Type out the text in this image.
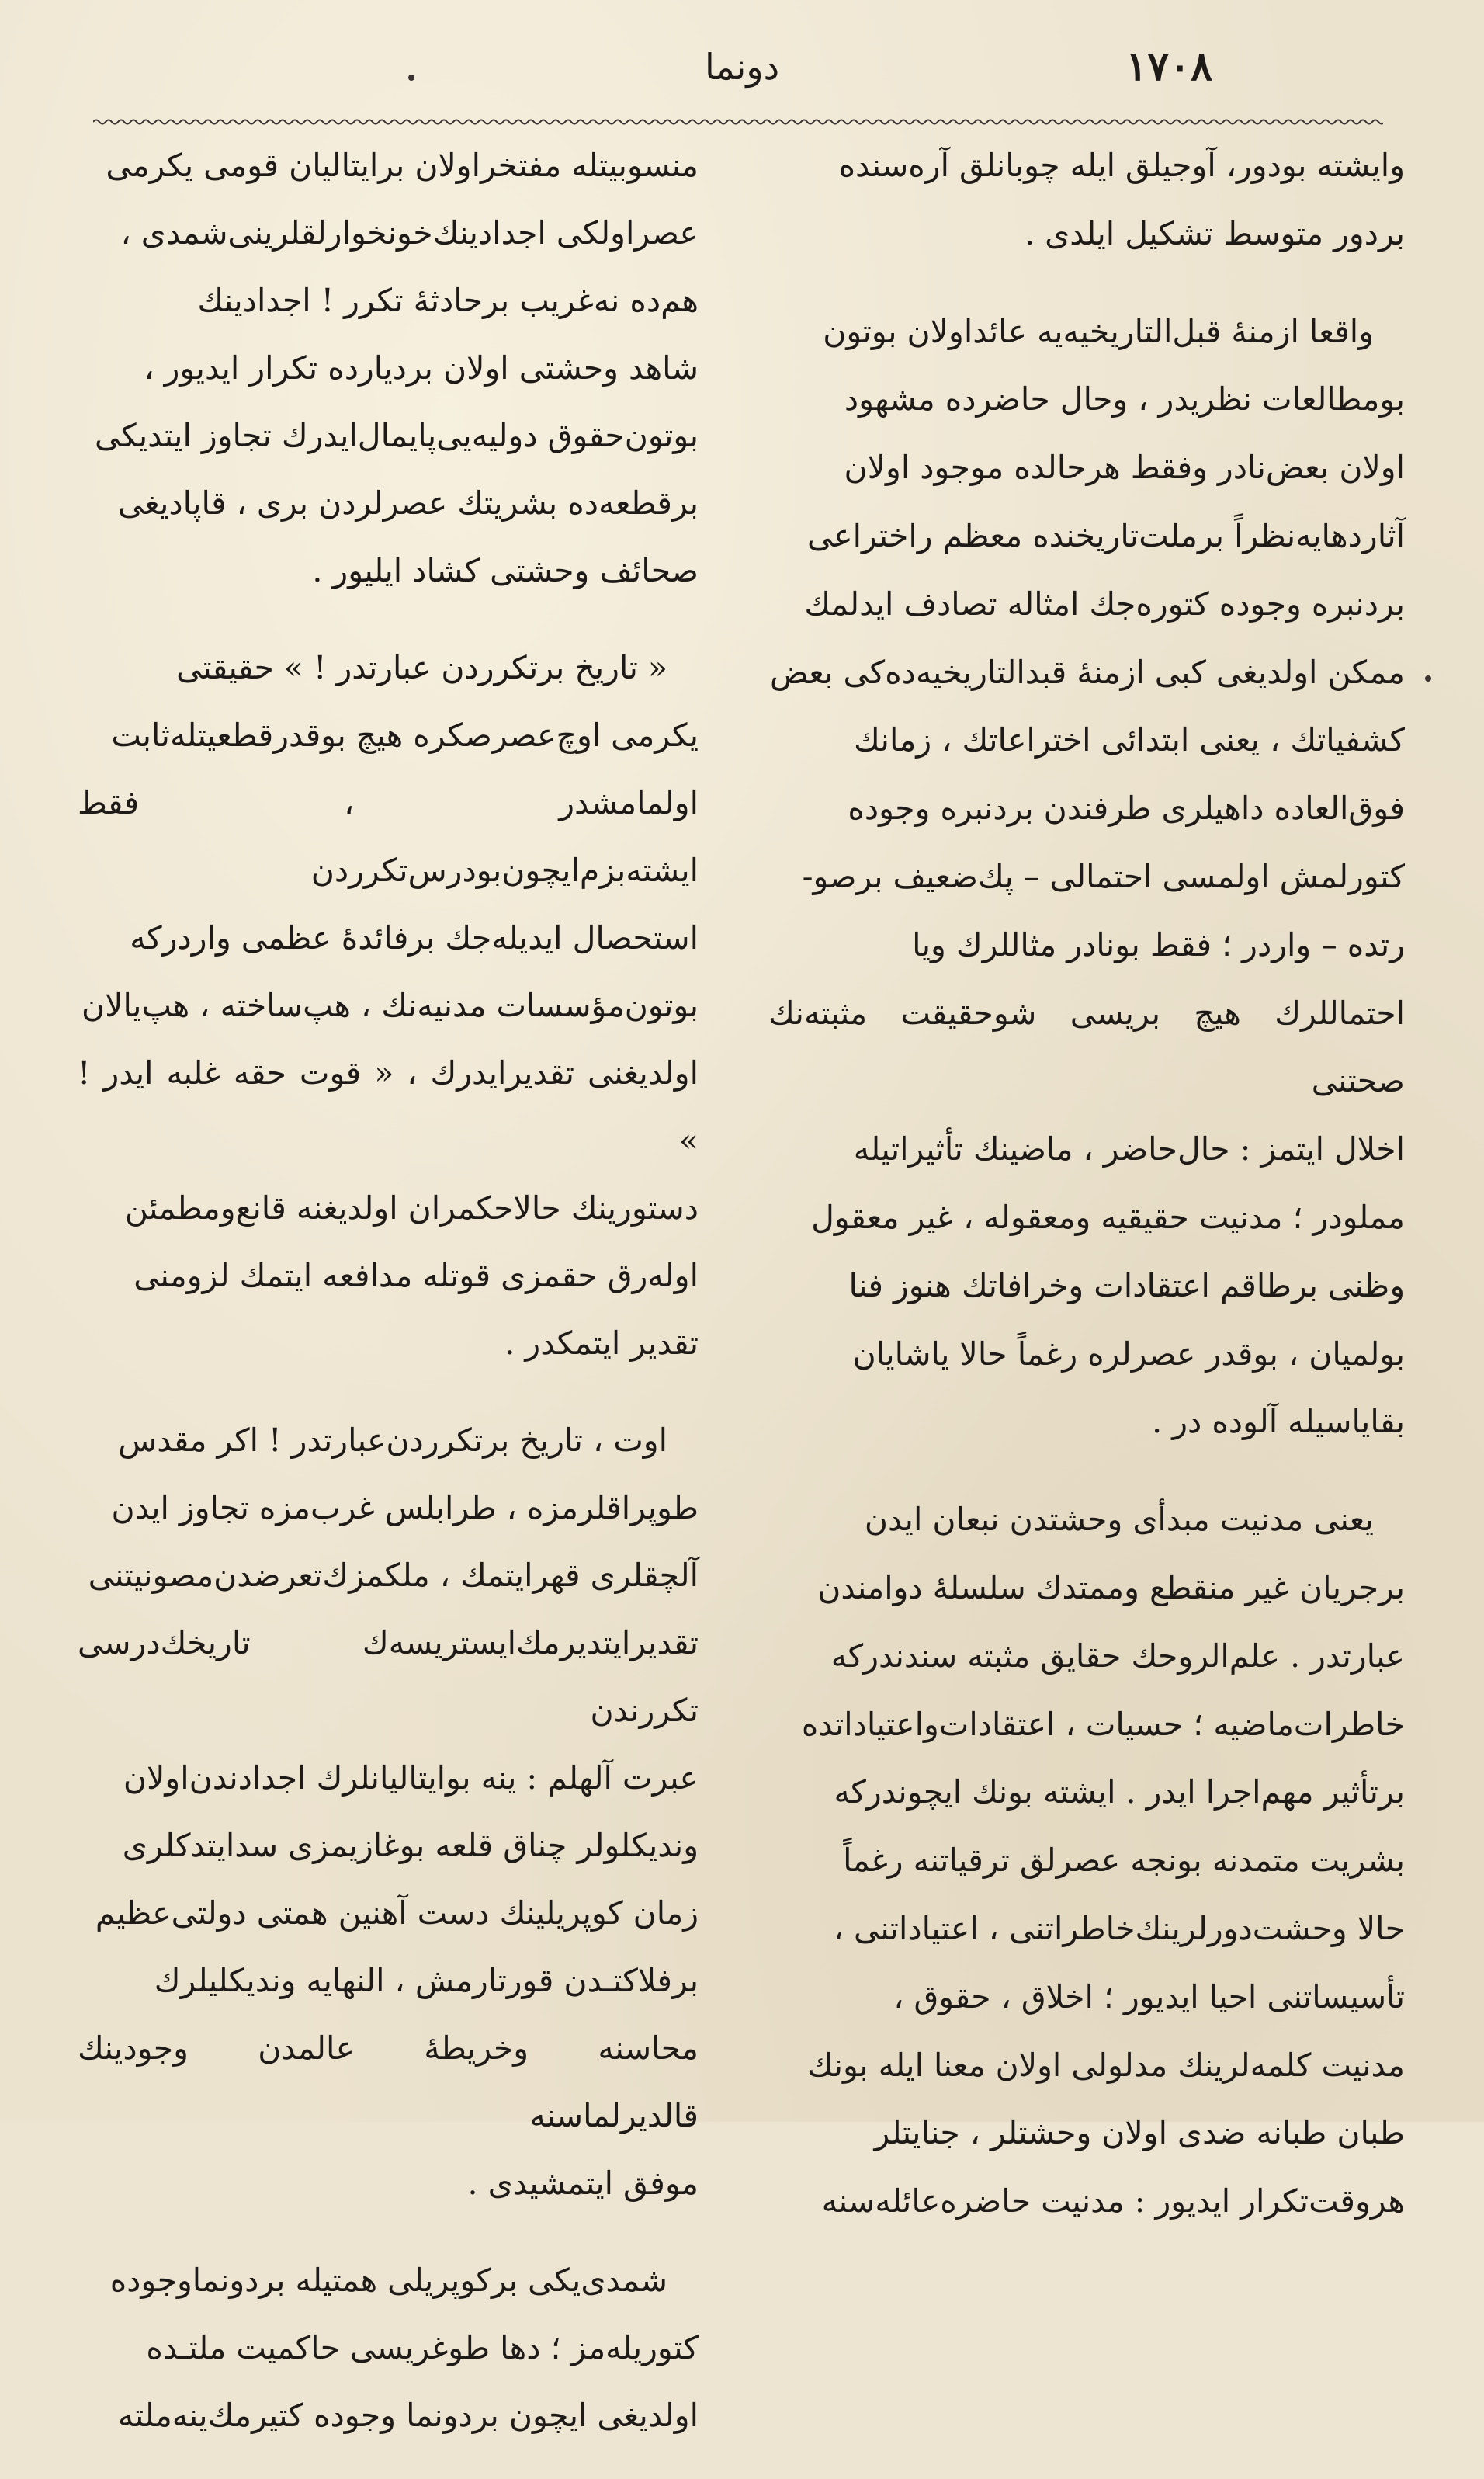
دونما	١٧٠٨

وايشته بودور، آوجيلق ايله چوبانلق آره‌سنده
بردور متوسط تشكيل ايلدى .

واقعا ازمنهٔ قبل‌التاريخيه‌يه عائداولان بوتون
بومطالعات نظريدر ، وحال حاضرده مشهود
اولان بعض‌نادر وفقط هرحالده موجود اولان
آثاردهايه‌نظراً برملت‌تاريخنده معظم راختراعى
بردنبره وجوده كتوره‌جك امثاله تصادف ايدلمك
ممكن اولديغى كبى ازمنهٔ قبدالتاريخيه‌ده‌كى بعض
كشفياتك ، يعنى ابتدائى اختراعاتك ، زمانك
فوق‌العاده داهيلرى طرفندن بردنبره وجوده
كتورلمش اولمسى احتمالى – پك‌ضعيف برصو-
رتده – واردر ؛ فقط بونادر مثاللرك ويا
احتماللرك هيچ بريسى شوحقيقت مثبته‌نك صحتنى
اخلال ايتمز : حال‌حاضر ، ماضينك تأثيراتيله
مملودر ؛ مدنيت حقيقيه ومعقوله ، غير معقول
وظنى برطاقم اعتقادات وخرافاتك هنوز فنا
بولميان ، بوقدر عصرلره رغماً حالا ياشايان
بقاياسيله آلوده در .

يعنى مدنيت مبدأى وحشتدن نبعان ايدن
برجريان غير منقطع وممتدك سلسلهٔ دوامندن
عبارتدر . علم‌الروحك حقايق مثبته سندندركه
خاطرات‌ماضيه ؛ حسيات ، اعتقادات‌واعتياداتده
برتأثير مهم‌اجرا ايدر . ايشته بونك ايچوندركه
بشريت متمدنه بونجه عصرلق ترقياتنه رغماً
حالا وحشت‌دورلرينك‌خاطراتنى ، اعتياداتنى ،
تأسيساتنى احيا ايديور ؛ اخلاق ، حقوق ،
مدنيت كلمه‌لرينك مدلولى اولان معنا ايله بونك
طبان طبانه ضدى اولان وحشتلر ، جنايتلر
هروقت‌تكرار ايديور : مدنيت حاضره‌عائله‌سنه

منسوبيتله مفتخراولان برايتاليان قومى يكرمى
عصراولكى اجدادينك‌خونخوارلقلرينى‌شمدى ،
هم‌ده نه‌غريب برحادثهٔ تكرر ! اجدادينك
شاهد وحشتى اولان برديارده تكرار ايديور ،
بوتون‌حقوق دوليه‌يى‌پايمال‌ايدرك تجاوز ايتديكى
برقطعه‌ده بشريتك عصرلردن برى ، قاپاديغى
صحائف وحشتى كشاد ايليور .

« تاريخ برتكرردن عبارتدر ! » حقيقتى
يكرمى اوچ‌عصرصكره هيچ بوقدرقطعيتله‌ثابت
اولمامشدر ، فقط ايشته‌بزم‌ايچون‌بودرس‌تكرردن
استحصال ايديله‌جك برفائدهٔ عظمى واردركه
بوتون‌مؤسسات مدنيه‌نك ، هپ‌ساخته ، هپ‌يالان
اولديغنى تقدير‌ايدرك ، « قوت حقه غلبه ايدر ! »
دستورينك حالاحكمران اولديغنه قانع‌ومطمئن
اوله‌رق حقمزى قوتله مدافعه ايتمك لزومنى
تقدير ايتمكدر .

اوت ، تاريخ برتكرردن‌عبارتدر ! اكر مقدس
طوپراقلرمزه ، طرابلس غرب‌مزه تجاوز ايدن
آلچقلرى قهرايتمك ، ملكمزك‌تعرضدن‌مصونيتنى
تقديرايتديرمك‌ايستريسه‌ك تاريخك‌درسى تكررندن
عبرت آلهلم : ينه بوايتاليانلرك اجدادندن‌اولان
ونديكلولر چناق قلعه بوغازيمزى سدايتدكلرى
زمان كوپريلينك دست آهنين همتى دولتى‌عظيم
برفلاكتـدن قورتارمش ، النهايه ونديكليلرك
محاسنه وخريطهٔ عالمدن وجودينك قالديرلماسنه
موفق ايتمشيدى .

شمدى‌يكى بركوپريلى همتيله بردونماوجوده
كتوريله‌مز ؛ دها طوغريسى حاكميت ملتـده
اولديغى ايچون بردونما وجوده كتيرمك‌ينه‌ملته
